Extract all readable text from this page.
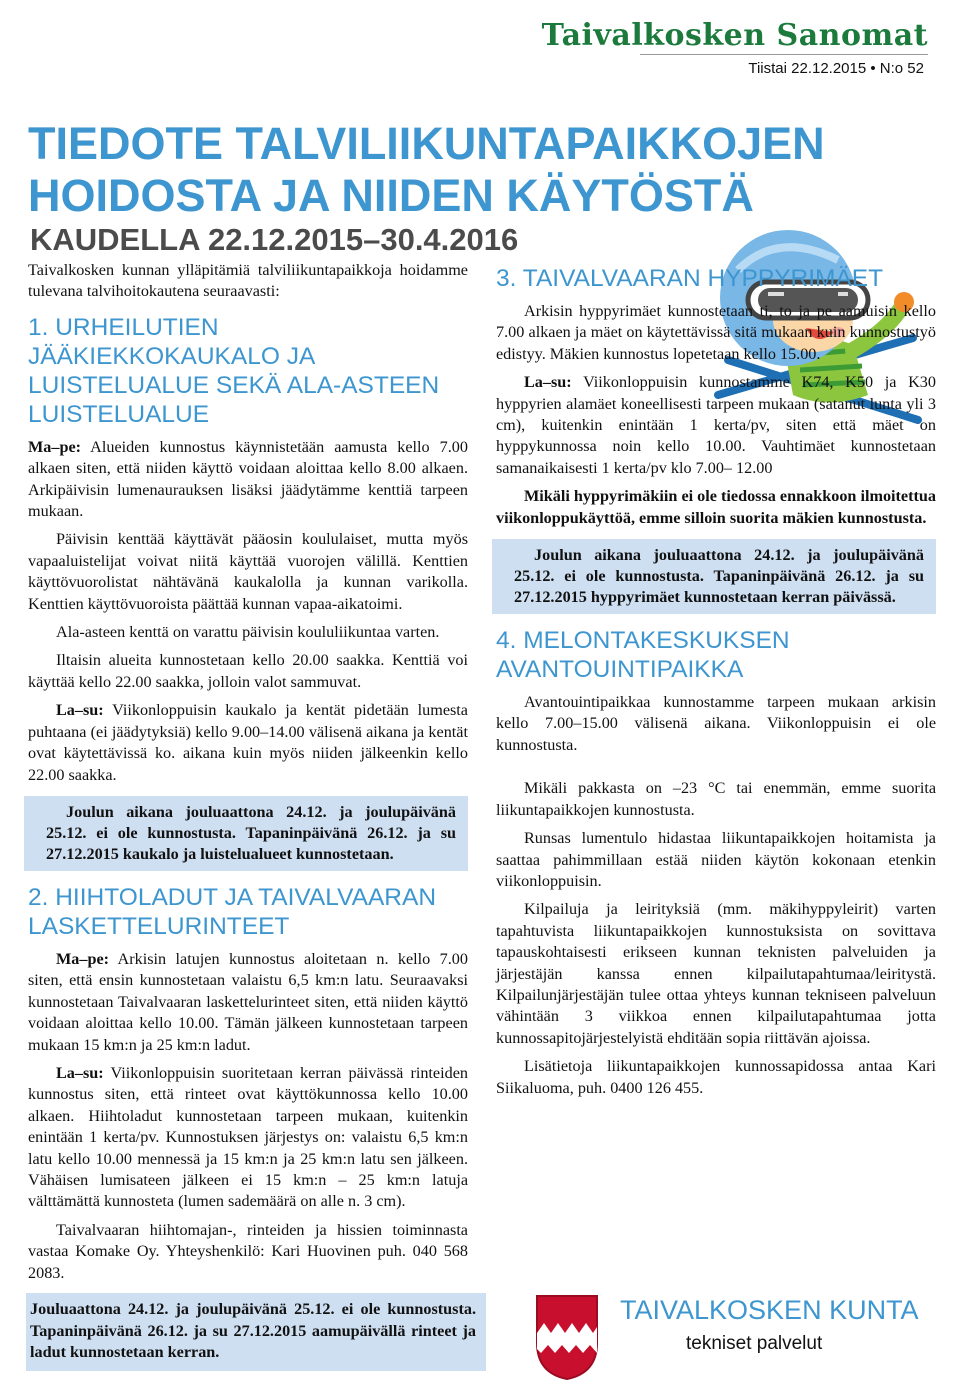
Taivalkosken Sanomat
Tiistai 22.12.2015 • N:o 52
TIEDOTE TALVILIIKUNTAPAIKKOJEN
HOIDOSTA JA NIIDEN KÄYTÖSTÄ
KAUDELLA 22.12.2015–30.4.2016

Taivalkosken kunnan ylläpitämiä talviliikuntapaikkoja hoidamme tulevana talvihoitokautena seuraavasti:

1. URHEILUTIEN JÄÄKIEKKOKAUKALO JA LUISTELUALUE SEKÄ ALA-ASTEEN LUISTELUALUE

Ma–pe: Alueiden kunnostus käynnistetään aamusta kello 7.00 alkaen siten, että niiden käyttö voidaan aloittaa kello 8.00 alkaen. Arkipäivisin lumenaurauksen lisäksi jäädytämme kenttiä tarpeen mukaan.

Päivisin kenttää käyttävät pääosin koululaiset, mutta myös vapaaluistelijat voivat niitä käyttää vuorojen välillä. Kenttien käyttövuorolistat nähtävänä kaukalolla ja kunnan varikolla. Kenttien käyttövuoroista päättää kunnan vapaa-aikatoimi.

Ala-asteen kenttä on varattu päivisin koululiikuntaa varten.

Iltaisin alueita kunnostetaan kello 20.00 saakka. Kenttiä voi käyttää kello 22.00 saakka, jolloin valot sammuvat.

La–su: Viikonloppuisin kaukalo ja kentät pidetään lumesta puhtaana (ei jäädytyksiä) kello 9.00–14.00 välisenä aikana ja kentät ovat käytettävissä ko. aikana kuin myös niiden jälkeenkin kello 22.00 saakka.

Joulun aikana jouluaattona 24.12. ja joulupäivänä 25.12. ei ole kunnostusta. Tapaninpäivänä 26.12. ja su 27.12.2015 kaukalo ja luistelualueet kunnostetaan.
2. HIIHTOLADUT JA TAIVALVAARAN LASKETTELURINTEET

Ma–pe: Arkisin latujen kunnostus aloitetaan n. kello 7.00 siten, että ensin kunnostetaan valaistu 6,5 km:n latu. Seuraavaksi kunnostetaan Taivalvaaran laskettelurinteet siten, että niiden käyttö voidaan aloittaa kello 10.00. Tämän jälkeen kunnostetaan tarpeen mukaan 15 km:n ja 25 km:n ladut.

La–su: Viikonloppuisin suoritetaan kerran päivässä rinteiden kunnostus siten, että rinteet ovat käyttökunnossa kello 10.00 alkaen. Hiihtoladut kunnostetaan tarpeen mukaan, kuitenkin enintään 1 kerta/pv. Kunnostuksen järjestys on: valaistu 6,5 km:n latu kello 10.00 mennessä ja 15 km:n ja 25 km:n latu sen jälkeen. Vähäisen lumisateen jälkeen ei 15 km:n – 25 km:n latuja välttämättä kunnosteta (lumen sademäärä on alle n. 3 cm).

Taivalvaaran hiihtomajan-, rinteiden ja hissien toiminnasta vastaa Komake Oy. Yhteyshenkilö: Kari Huovinen puh. 040 568 2083.

3. TAIVALVAARAN HYPPYRIMÄET

Arkisin hyppyrimäet kunnostetaan ti, to ja pe aamuisin kello 7.00 alkaen ja mäet on käytettävissä sitä mukaan kuin kunnostustyö edistyy. Mäkien kunnostus lopetetaan kello 15.00.

La–su: Viikonloppuisin kunnostamme K74, K50 ja K30 hyppyrien alamäet koneellisesti tarpeen mukaan (satanut lunta yli 3 cm), kuitenkin enintään 1 kerta/pv, siten että mäet on hyppykunnossa noin kello 10.00. Vauhtimäet kunnostetaan samanaikaisesti 1 kerta/pv klo 7.00– 12.00

Mikäli hyppyrimäkiin ei ole tiedossa ennakkoon ilmoitettua viikonloppukäyttöä, emme silloin suorita mäkien kunnostusta.

Joulun aikana jouluaattona 24.12. ja joulupäivänä 25.12. ei ole kunnostusta. Tapaninpäivänä 26.12. ja su 27.12.2015 hyppyrimäet kunnostetaan kerran päivässä.
4. MELONTAKESKUKSEN AVANTOUINTIPAIKKA

Avantouintipaikkaa kunnostamme tarpeen mukaan arkisin kello 7.00–15.00 välisenä aikana. Viikonloppuisin ei ole kunnostusta.

Mikäli pakkasta on –23 °C tai enemmän, emme suorita liikuntapaikkojen kunnostusta.

Runsas lumentulo hidastaa liikuntapaikkojen hoitamista ja saattaa pahimmillaan estää niiden käytön kokonaan etenkin viikonloppuisin.

Kilpailuja ja leirityksiä (mm. mäkihyppyleirit) varten tapahtuvista liikuntapaikkojen kunnostuksista on sovittava tapauskohtaisesti erikseen kunnan teknisten palveluiden ja järjestäjän kanssa ennen kilpailutapahtumaa/leiritystä. Kilpailunjärjestäjän tulee ottaa yhteys kunnan tekniseen palveluun vähintään 3 viikkoa ennen kilpailutapahtumaa jotta kunnossapitojärjestelyistä ehditään sopia riittävän ajoissa.

Lisätietoja liikuntapaikkojen kunnossapidossa antaa Kari Siikaluoma, puh. 0400 126 455.

Jouluaattona 24.12. ja joulupäivänä 25.12. ei ole kunnostusta. Tapaninpäivänä 26.12. ja su 27.12.2015 aamupäivällä rinteet ja ladut kunnostetaan kerran.
TAIVALKOSKEN KUNTA
tekniset palvelut
